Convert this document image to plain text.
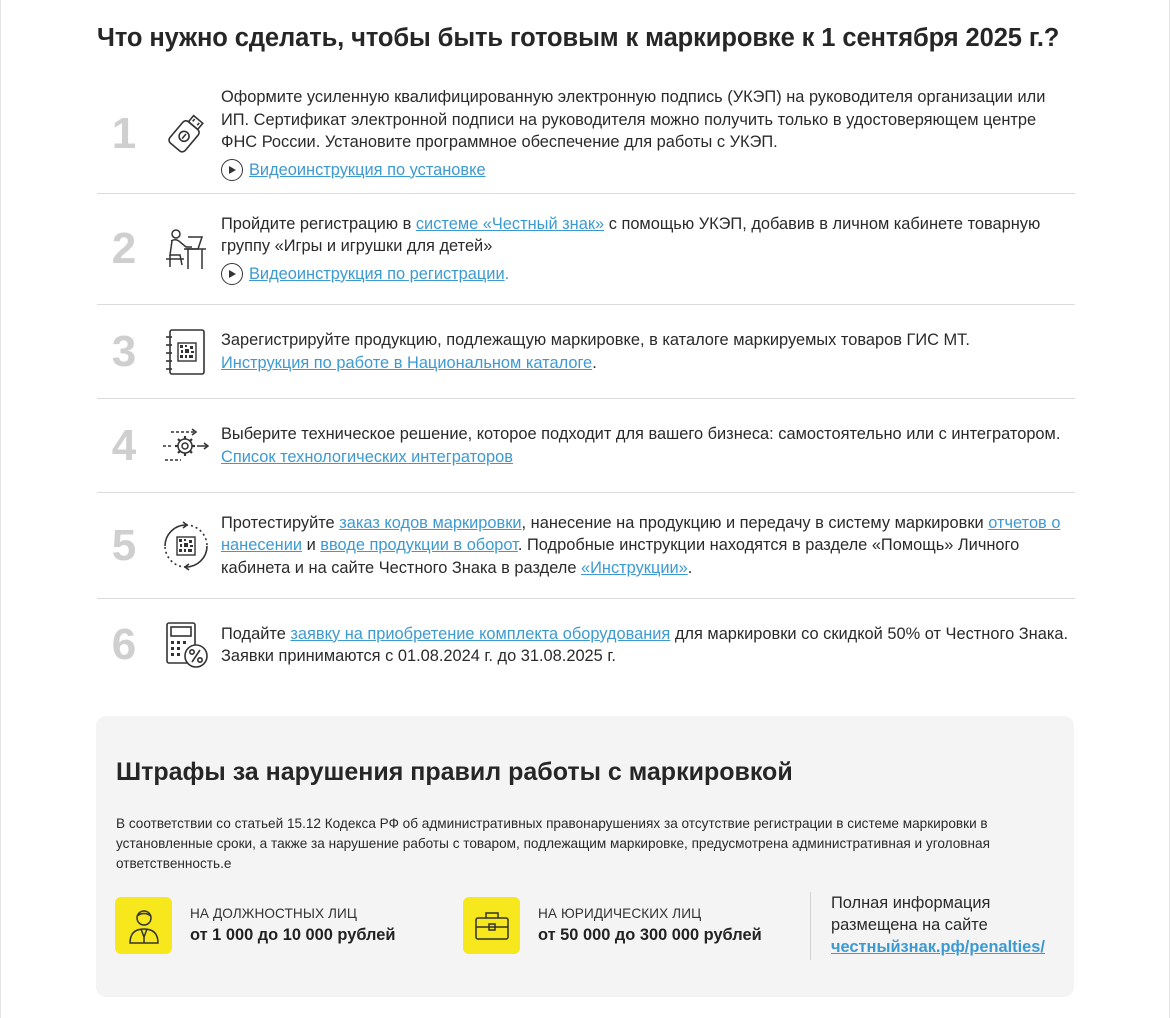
Что нужно сделать, чтобы быть готовым к маркировке к 1 сентября 2025 г.?
1
Оформите усиленную квалифицированную электронную подпись (УКЭП) на руководителя организации или ИП. Сертификат электронной подписи на руководителя можно получить только в удостоверяющем центре ФНС России. Установите программное обеспечение для работы с УКЭП.
Видеоинструкция по установке
2
Пройдите регистрацию в системе «Честный знак» с помощью УКЭП, добавив в личном кабинете товарную группу «Игры и игрушки для детей»
Видеоинструкция по регистрации .
3	Зарегистрируйте продукцию, подлежащую маркировке, в каталоге маркируемых товаров ГИС МТ.
Инструкция по работе в Национальном каталоге.
4	Выберите техническое решение, которое подходит для вашего бизнеса: самостоятельно или с интегратором. Список технологических интеграторов
5	Протестируйте заказ кодов маркировки, нанесение на продукцию и передачу в систему маркировки отчетов о нанесении и вводе продукции в оборот. Подробные инструкции находятся в разделе «Помощь» Личного кабинета и на сайте Честного Знака в разделе «Инструкции».
6	Подайте заявку на приобретение комплекта оборудования для маркировки со скидкой 50% от Честного Знака. Заявки принимаются с 01.08.2024 г. до 31.08.2025 г.
Штрафы за нарушения правил работы с маркировкой

В соответствии со статьей 15.12 Кодекса РФ об административных правонарушениях за отсутствие регистрации в системе маркировки в установленные сроки, а также за нарушение работы с товаром, подлежащим маркировке, предусмотрена административная и уголовная ответственность.е

НА ДОЛЖНОСТНЫХ ЛИЦ
от 1 000 до 10 000 рублей
НА ЮРИДИЧЕСКИХ ЛИЦ
от 50 000 до 300 000 рублей
Полная информация размещена на сайте
честныйзнак.рф/penalties/
